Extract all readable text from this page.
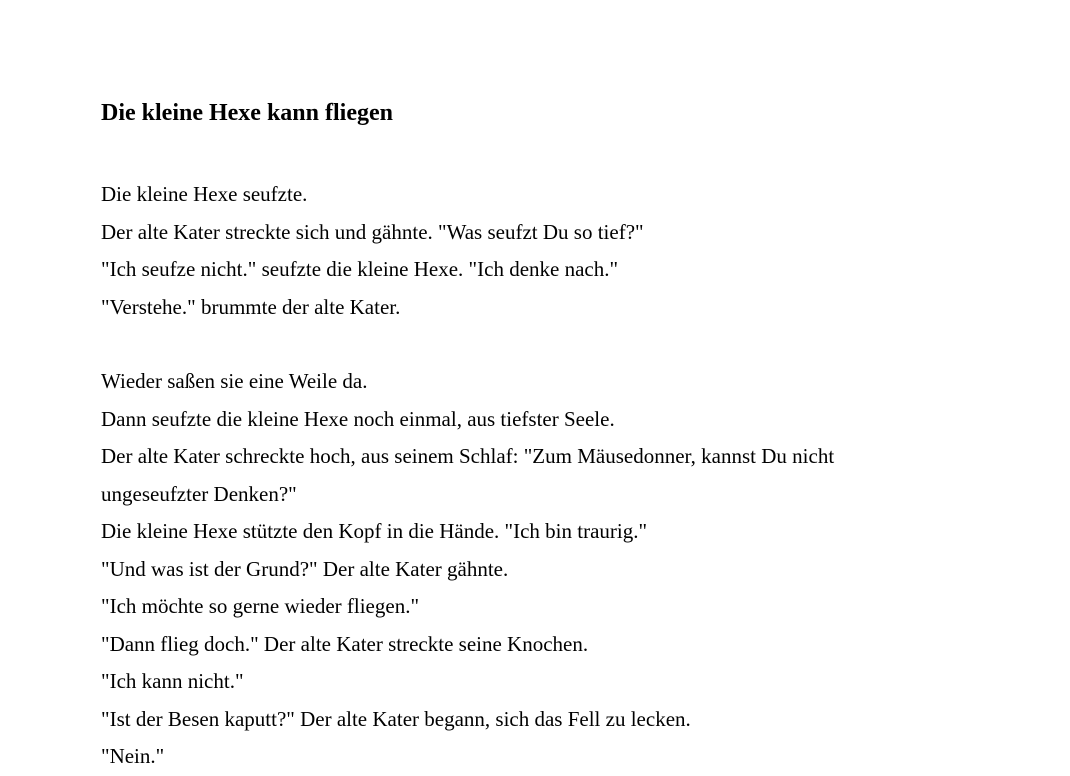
Die kleine Hexe kann fliegen
Die kleine Hexe seufzte.
Der alte Kater streckte sich und gähnte. "Was seufzt Du so tief?"
"Ich seufze nicht." seufzte die kleine Hexe. "Ich denke nach."
"Verstehe." brummte der alte Kater.
Wieder saßen sie eine Weile da.
Dann seufzte die kleine Hexe noch einmal, aus tiefster Seele.
Der alte Kater schreckte hoch, aus seinem Schlaf: "Zum Mäusedonner, kannst Du nicht
ungeseufzter Denken?"
Die kleine Hexe stützte den Kopf in die Hände. "Ich bin traurig."
"Und was ist der Grund?" Der alte Kater gähnte.
"Ich möchte so gerne wieder fliegen."
"Dann flieg doch." Der alte Kater streckte seine Knochen.
"Ich kann nicht."
"Ist der Besen kaputt?" Der alte Kater begann, sich das Fell zu lecken.
"Nein."
